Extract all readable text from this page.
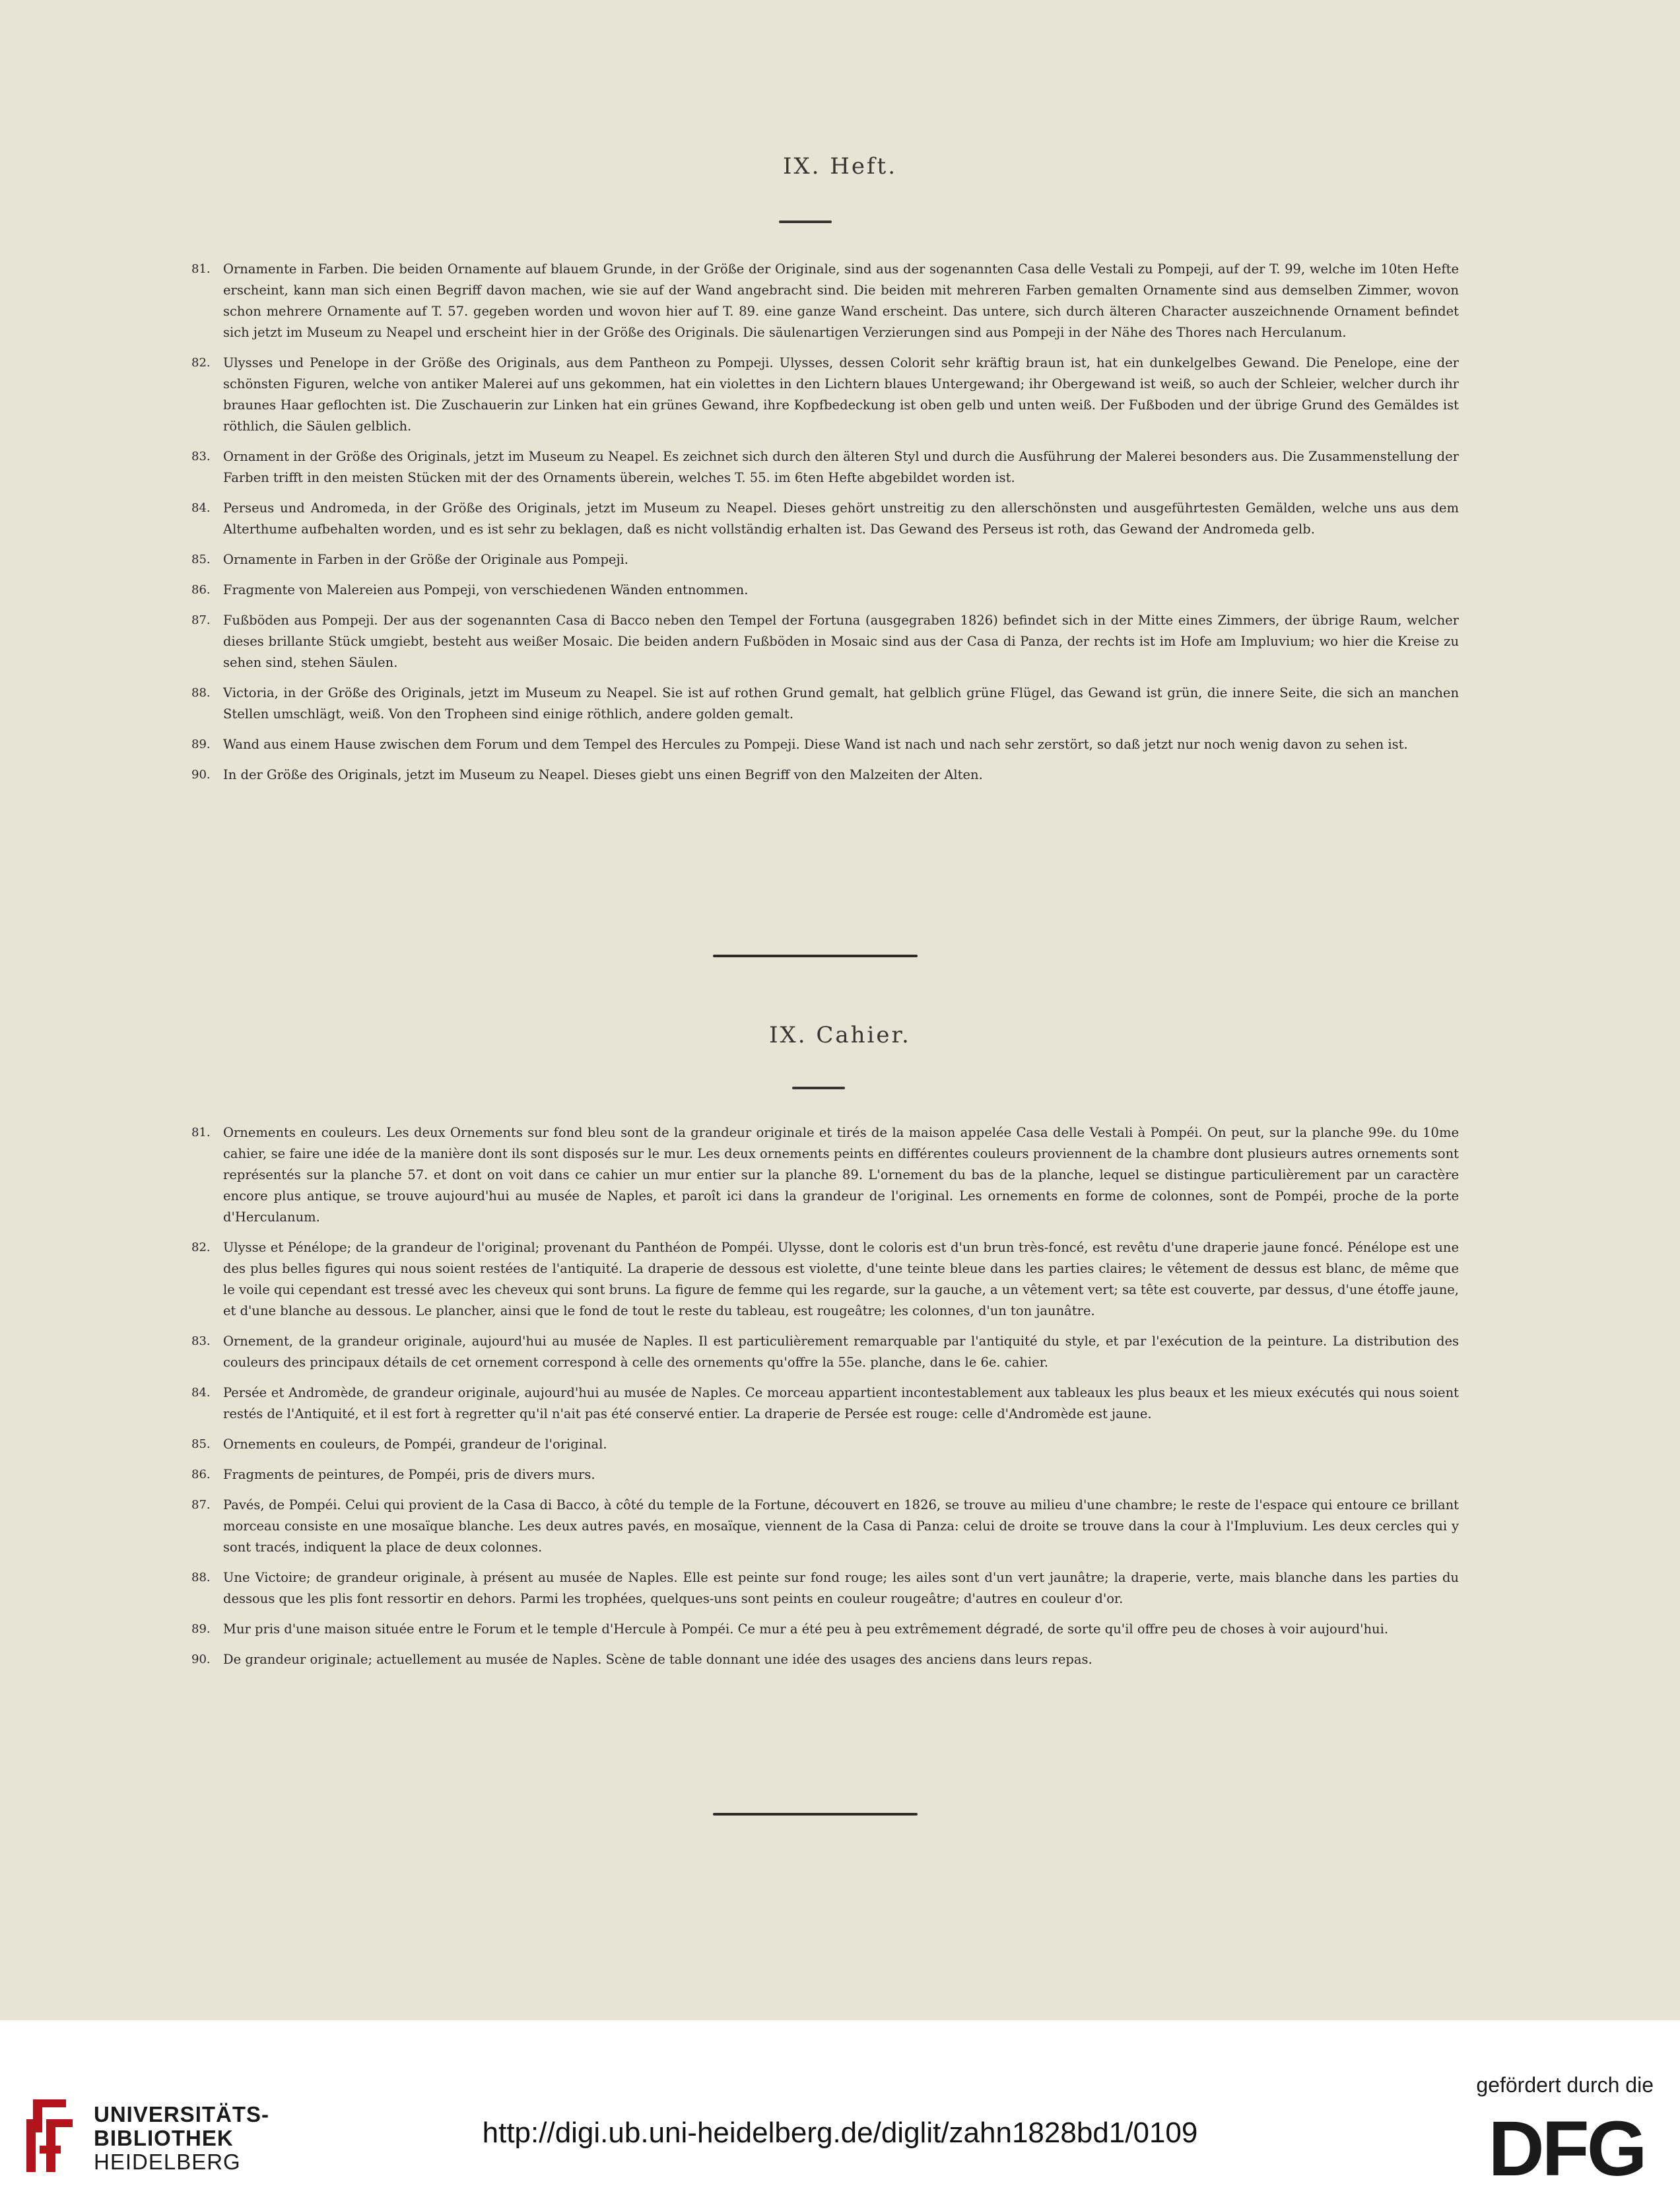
IX. Heft.
81. Ornamente in Farben. Die beiden Ornamente auf blauem Grunde, in der Größe der Originale, sind aus der sogenannten Casa delle Vestali zu Pompeji, auf der T. 99, welche im 10ten Hefte erscheint, kann man sich einen Begriff davon machen, wie sie auf der Wand angebracht sind. Die beiden mit mehreren Farben gemalten Ornamente sind aus demselben Zimmer, wovon schon mehrere Ornamente auf T. 57. gegeben worden und wovon hier auf T. 89. eine ganze Wand erscheint. Das untere, sich durch älteren Character auszeichnende Ornament befindet sich jetzt im Museum zu Neapel und erscheint hier in der Größe des Originals. Die säulenartigen Verzierungen sind aus Pompeji in der Nähe des Thores nach Herculanum.
82. Ulysses und Penelope in der Größe des Originals, aus dem Pantheon zu Pompeji. Ulysses, dessen Colorit sehr kräftig braun ist, hat ein dunkelgelbes Gewand. Die Penelope, eine der schönsten Figuren, welche von antiker Malerei auf uns gekommen, hat ein violettes in den Lichtern blaues Untergewand; ihr Obergewand ist weiß, so auch der Schleier, welcher durch ihr braunes Haar geflochten ist. Die Zuschauerin zur Linken hat ein grünes Gewand, ihre Kopfbedeckung ist oben gelb und unten weiß. Der Fußboden und der übrige Grund des Gemäldes ist röthlich, die Säulen gelblich.
83. Ornament in der Größe des Originals, jetzt im Museum zu Neapel. Es zeichnet sich durch den älteren Styl und durch die Ausführung der Malerei besonders aus. Die Zusammenstellung der Farben trifft in den meisten Stücken mit der des Ornaments überein, welches T. 55. im 6ten Hefte abgebildet worden ist.
84. Perseus und Andromeda, in der Größe des Originals, jetzt im Museum zu Neapel. Dieses gehört unstreitig zu den allerschönsten und ausgeführtesten Gemälden, welche uns aus dem Alterthume aufbehalten worden, und es ist sehr zu beklagen, daß es nicht vollständig erhalten ist. Das Gewand des Perseus ist roth, das Gewand der Andromeda gelb.
85. Ornamente in Farben in der Größe der Originale aus Pompeji.
86. Fragmente von Malereien aus Pompeji, von verschiedenen Wänden entnommen.
87. Fußböden aus Pompeji. Der aus der sogenannten Casa di Bacco neben den Tempel der Fortuna (ausgegraben 1826) befindet sich in der Mitte eines Zimmers, der übrige Raum, welcher dieses brillante Stück umgiebt, besteht aus weißer Mosaic. Die beiden andern Fußböden in Mosaic sind aus der Casa di Panza, der rechts ist im Hofe am Impluvium; wo hier die Kreise zu sehen sind, stehen Säulen.
88. Victoria, in der Größe des Originals, jetzt im Museum zu Neapel. Sie ist auf rothen Grund gemalt, hat gelblich grüne Flügel, das Gewand ist grün, die innere Seite, die sich an manchen Stellen umschlägt, weiß. Von den Tropheen sind einige röthlich, andere golden gemalt.
89. Wand aus einem Hause zwischen dem Forum und dem Tempel des Hercules zu Pompeji. Diese Wand ist nach und nach sehr zerstört, so daß jetzt nur noch wenig davon zu sehen ist.
90. In der Größe des Originals, jetzt im Museum zu Neapel. Dieses giebt uns einen Begriff von den Malzeiten der Alten.
IX. Cahier.
81. Ornements en couleurs. Les deux Ornements sur fond bleu sont de la grandeur originale et tirés de la maison appelée Casa delle Vestali à Pompéi. On peut, sur la planche 99e. du 10me cahier, se faire une idée de la manière dont ils sont disposés sur le mur. Les deux ornements peints en différentes couleurs proviennent de la chambre dont plusieurs autres ornements sont représentés sur la planche 57. et dont on voit dans ce cahier un mur entier sur la planche 89. L'ornement du bas de la planche, lequel se distingue particulièrement par un caractère encore plus antique, se trouve aujourd'hui au musée de Naples, et paroît ici dans la grandeur de l'original. Les ornements en forme de colonnes, sont de Pompéi, proche de la porte d'Herculanum.
82. Ulysse et Pénélope; de la grandeur de l'original; provenant du Panthéon de Pompéi. Ulysse, dont le coloris est d'un brun très-foncé, est revêtu d'une draperie jaune foncé. Pénélope est une des plus belles figures qui nous soient restées de l'antiquité. La draperie de dessous est violette, d'une teinte bleue dans les parties claires; le vêtement de dessus est blanc, de même que le voile qui cependant est tressé avec les cheveux qui sont bruns. La figure de femme qui les regarde, sur la gauche, a un vêtement vert; sa tête est couverte, par dessus, d'une étoffe jaune, et d'une blanche au dessous. Le plancher, ainsi que le fond de tout le reste du tableau, est rougeâtre; les colonnes, d'un ton jaunâtre.
83. Ornement, de la grandeur originale, aujourd'hui au musée de Naples. Il est particulièrement remarquable par l'antiquité du style, et par l'exécution de la peinture. La distribution des couleurs des principaux détails de cet ornement correspond à celle des ornements qu'offre la 55e. planche, dans le 6e. cahier.
84. Persée et Andromède, de grandeur originale, aujourd'hui au musée de Naples. Ce morceau appartient incontestablement aux tableaux les plus beaux et les mieux exécutés qui nous soient restés de l'Antiquité, et il est fort à regretter qu'il n'ait pas été conservé entier. La draperie de Persée est rouge: celle d'Andromède est jaune.
85. Ornements en couleurs, de Pompéi, grandeur de l'original.
86. Fragments de peintures, de Pompéi, pris de divers murs.
87. Pavés, de Pompéi. Celui qui provient de la Casa di Bacco, à côté du temple de la Fortune, découvert en 1826, se trouve au milieu d'une chambre; le reste de l'espace qui entoure ce brillant morceau consiste en une mosaïque blanche. Les deux autres pavés, en mosaïque, viennent de la Casa di Panza: celui de droite se trouve dans la cour à l'Impluvium. Les deux cercles qui y sont tracés, indiquent la place de deux colonnes.
88. Une Victoire; de grandeur originale, à présent au musée de Naples. Elle est peinte sur fond rouge; les ailes sont d'un vert jaunâtre; la draperie, verte, mais blanche dans les parties du dessous que les plis font ressortir en dehors. Parmi les trophées, quelques-uns sont peints en couleur rougeâtre; d'autres en couleur d'or.
89. Mur pris d'une maison située entre le Forum et le temple d'Hercule à Pompéi. Ce mur a été peu à peu extrêmement dégradé, de sorte qu'il offre peu de choses à voir aujourd'hui.
90. De grandeur originale; actuellement au musée de Naples. Scène de table donnant une idée des usages des anciens dans leurs repas.
UNIVERSITÄTS-
BIBLIOTHEK
HEIDELBERG
http://digi.ub.uni-heidelberg.de/diglit/zahn1828bd1/0109
gefördert durch die
DFG
